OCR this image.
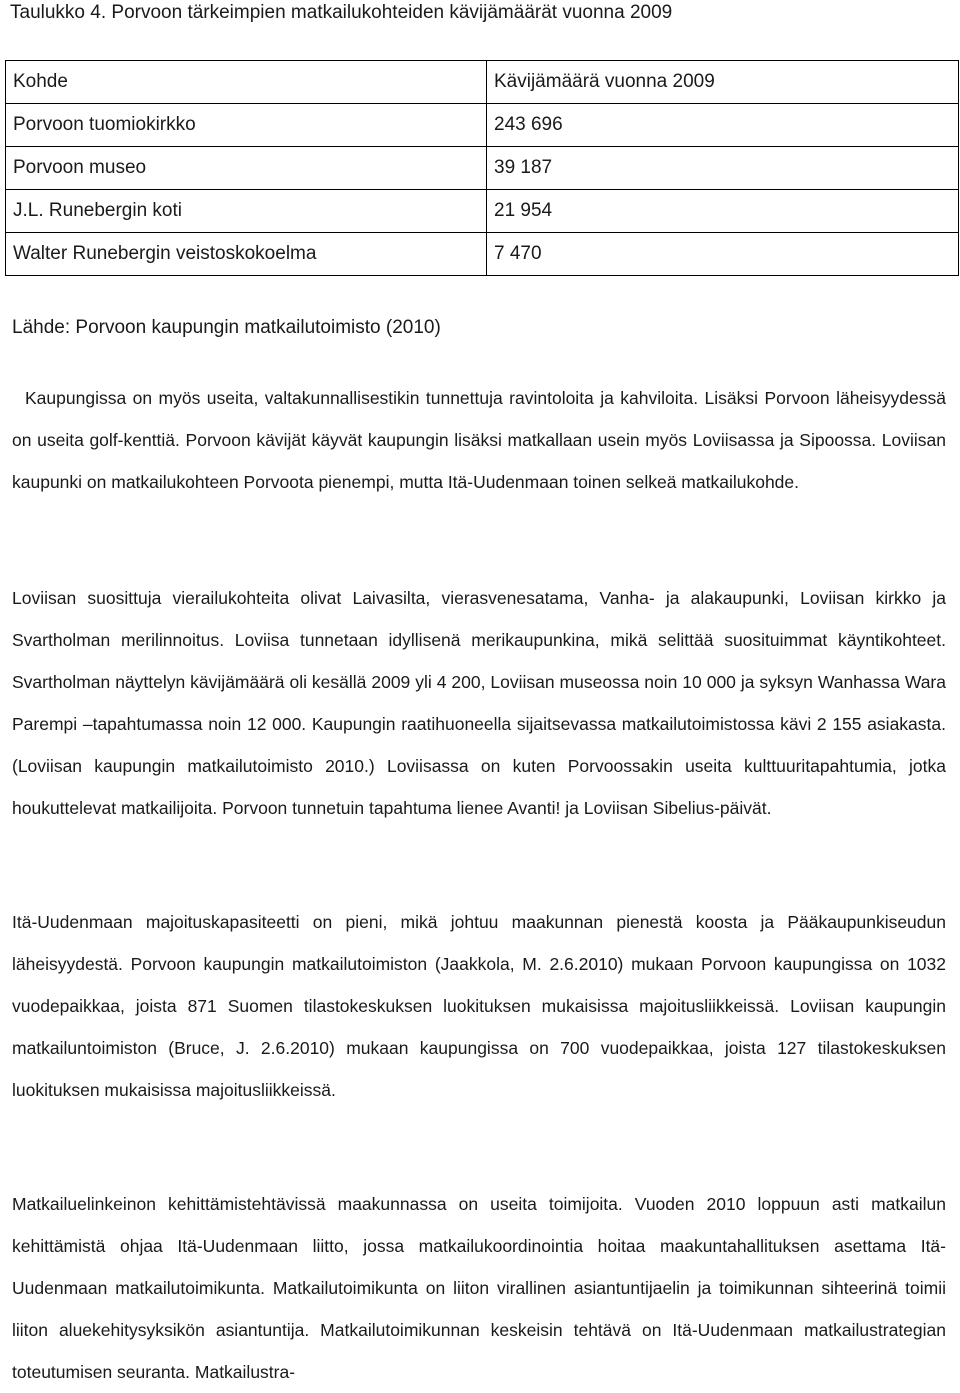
Taulukko 4. Porvoon tärkeimpien matkailukohteiden kävijämäärät vuonna 2009
Kohde	Kävijämäärä vuonna 2009
Porvoon tuomiokirkko	243 696
Porvoon museo	39 187
J.L. Runebergin koti	21 954
Walter Runebergin veistoskokoelma	7 470
Lähde: Porvoon kaupungin matkailutoimisto (2010)

Kaupungissa on myös useita, valtakunnallisestikin tunnettuja ravintoloita ja kahviloita. Lisäksi Porvoon läheisyydessä on useita golf-kenttiä. Porvoon kävijät käyvät kaupungin lisäksi matkallaan usein myös Loviisassa ja Sipoossa. Loviisan kaupunki on matkailukohteen Porvoota pienempi, mutta Itä-Uudenmaan toinen selkeä matkailukohde.

Loviisan suosittuja vierailukohteita olivat Laivasilta, vierasvenesatama, Vanha- ja alakaupunki, Loviisan kirkko ja Svartholman merilinnoitus. Loviisa tunnetaan idyllisenä merikaupunkina, mikä selittää suosituimmat käyntikohteet. Svartholman näyttelyn kävijämäärä oli kesällä 2009 yli 4 200, Loviisan museossa noin 10 000 ja syksyn Wanhassa Wara Parempi –tapahtumassa noin 12 000. Kaupungin raatihuoneella sijaitsevassa matkailutoimistossa kävi 2 155 asiakasta. (Loviisan kaupungin matkailutoimisto 2010.) Loviisassa on kuten Porvoossakin useita kulttuuritapahtumia, jotka houkuttelevat matkailijoita. Porvoon tunnetuin tapahtuma lienee Avanti! ja Loviisan Sibelius-päivät.

Itä-Uudenmaan majoituskapasiteetti on pieni, mikä johtuu maakunnan pienestä koosta ja Pääkaupunkiseudun läheisyydestä. Porvoon kaupungin matkailutoimiston (Jaakkola, M. 2.6.2010) mukaan Porvoon kaupungissa on 1032 vuodepaikkaa, joista 871 Suomen tilastokeskuksen luokituksen mukaisissa majoitusliikkeissä. Loviisan kaupungin matkailuntoimiston (Bruce, J. 2.6.2010) mukaan kaupungissa on 700 vuodepaikkaa, joista 127 tilastokeskuksen luokituksen mukaisissa majoitusliikkeissä.

Matkailuelinkeinon kehittämistehtävissä maakunnassa on useita toimijoita. Vuoden 2010 loppuun asti matkailun kehittämistä ohjaa Itä-Uudenmaan liitto, jossa matkailukoordinointia hoitaa maakuntahallituksen asettama Itä-Uudenmaan matkailutoimikunta. Matkailutoimikunta on liiton virallinen asiantuntijaelin ja toimikunnan sihteerinä toimii liiton aluekehitysyksikön asiantuntija. Matkailutoimikunnan keskeisin tehtävä on Itä-Uudenmaan matkailustrategian toteutumisen seuranta. Matkailustra-
